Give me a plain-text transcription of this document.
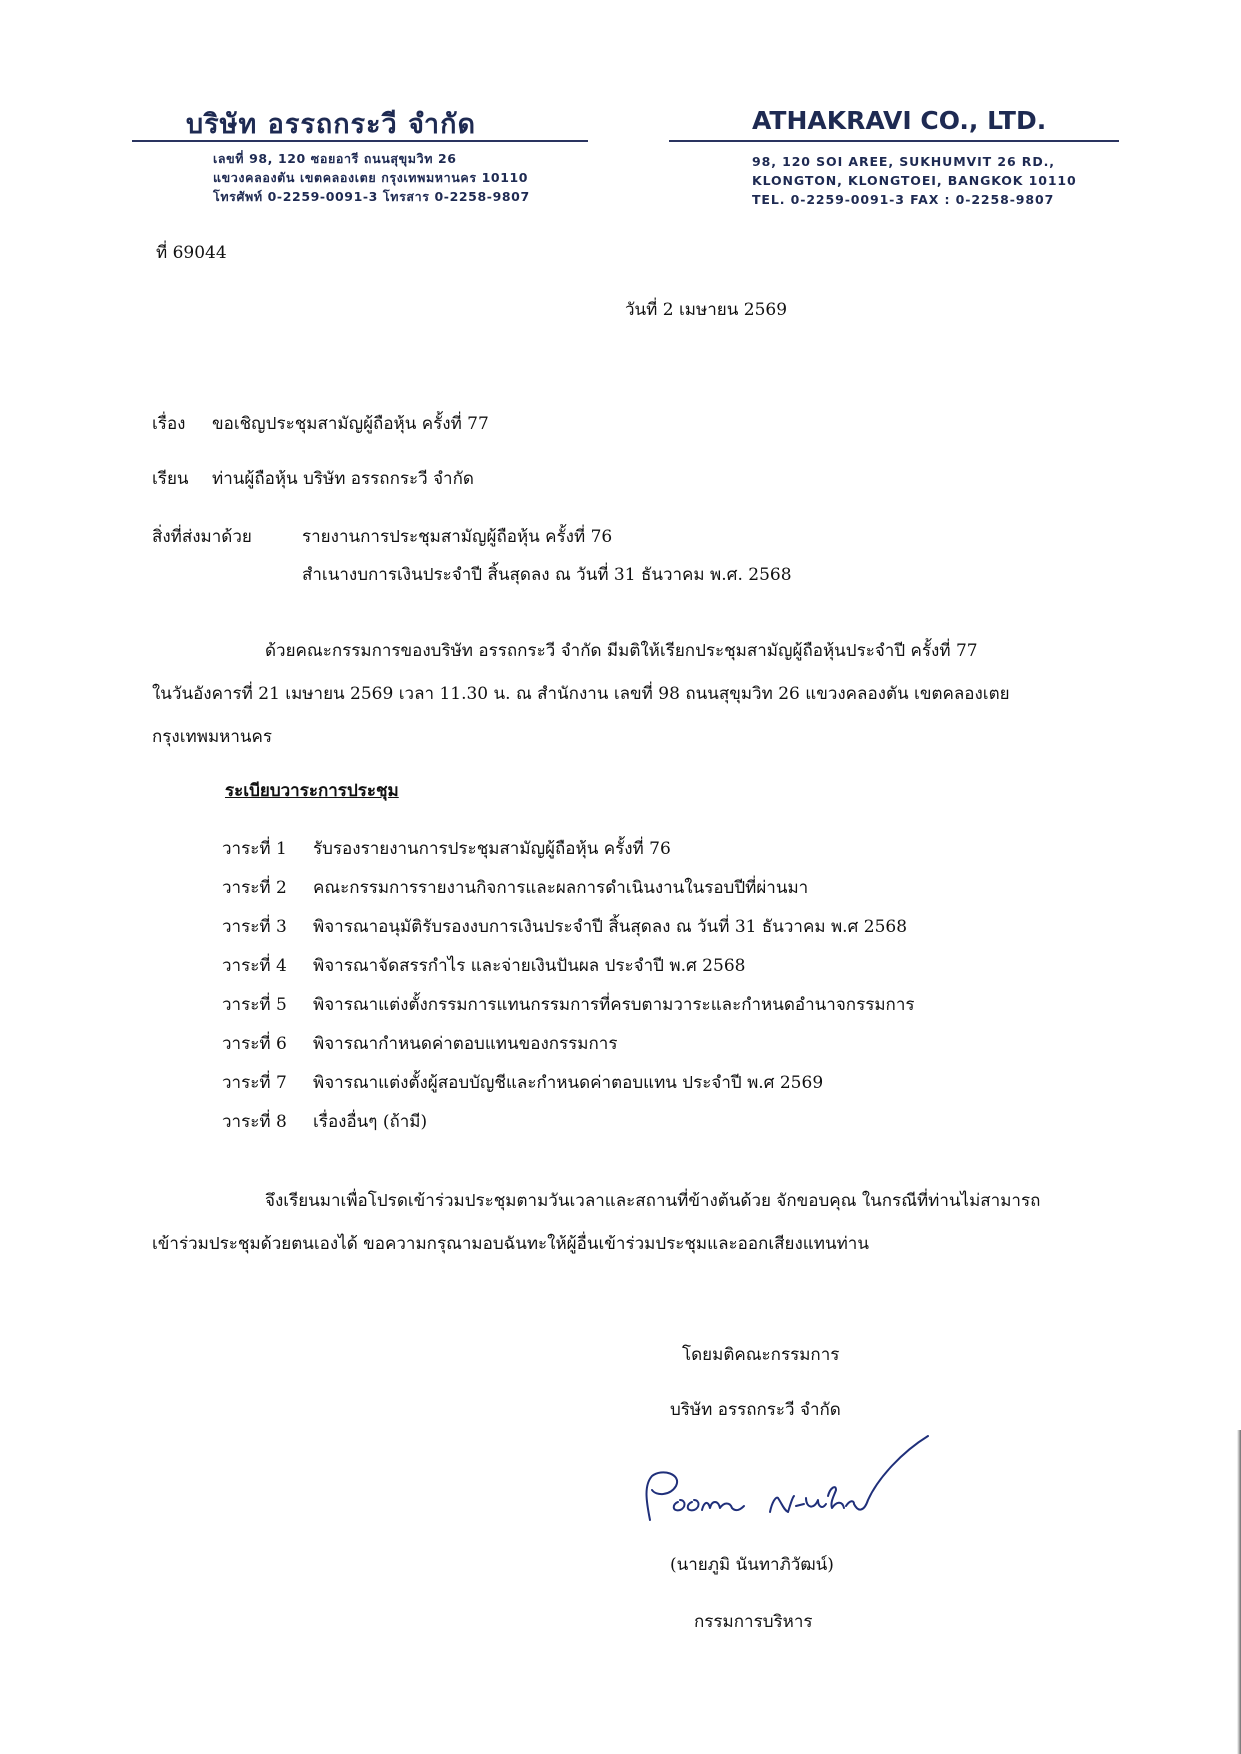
บริษัท อรรถกระวี จำกัด	ATHAKRAVI CO., LTD.
เลขที่ 98, 120 ซอยอารี ถนนสุขุมวิท 26
แขวงคลองตัน เขตคลองเตย กรุงเทพมหานคร 10110
โทรศัพท์ 0-2259-0091-3 โทรสาร 0-2258-9807
98, 120 SOI AREE, SUKHUMVIT 26 RD.,
KLONGTON, KLONGTOEI, BANGKOK 10110
TEL. 0-2259-0091-3 FAX : 0-2258-9807
ที่ 69044
วันที่ 2 เมษายน 2569
เรื่อง ขอเชิญประชุมสามัญผู้ถือหุ้น ครั้งที่ 77
เรียน ท่านผู้ถือหุ้น บริษัท อรรถกระวี จำกัด
สิ่งที่ส่งมาด้วย	รายงานการประชุมสามัญผู้ถือหุ้น ครั้งที่ 76
สำเนางบการเงินประจำปี สิ้นสุดลง ณ วันที่ 31 ธันวาคม พ.ศ. 2568
ด้วยคณะกรรมการของบริษัท อรรถกระวี จำกัด มีมติให้เรียกประชุมสามัญผู้ถือหุ้นประจำปี ครั้งที่ 77
ในวันอังคารที่ 21 เมษายน 2569 เวลา 11.30 น. ณ สำนักงาน เลขที่ 98 ถนนสุขุมวิท 26 แขวงคลองตัน เขตคลองเตย
กรุงเทพมหานคร
ระเบียบวาระการประชุม
วาระที่ 1 รับรองรายงานการประชุมสามัญผู้ถือหุ้น ครั้งที่ 76
วาระที่ 2 คณะกรรมการรายงานกิจการและผลการดำเนินงานในรอบปีที่ผ่านมา
วาระที่ 3 พิจารณาอนุมัติรับรองงบการเงินประจำปี สิ้นสุดลง ณ วันที่ 31 ธันวาคม พ.ศ 2568
วาระที่ 4 พิจารณาจัดสรรกำไร และจ่ายเงินปันผล ประจำปี พ.ศ 2568
วาระที่ 5 พิจารณาแต่งตั้งกรรมการแทนกรรมการที่ครบตามวาระและกำหนดอำนาจกรรมการ
วาระที่ 6 พิจารณากำหนดค่าตอบแทนของกรรมการ
วาระที่ 7 พิจารณาแต่งตั้งผู้สอบบัญชีและกำหนดค่าตอบแทน ประจำปี พ.ศ 2569
วาระที่ 8 เรื่องอื่นๆ (ถ้ามี)
จึงเรียนมาเพื่อโปรดเข้าร่วมประชุมตามวันเวลาและสถานที่ข้างต้นด้วย จักขอบคุณ ในกรณีที่ท่านไม่สามารถ
เข้าร่วมประชุมด้วยตนเองได้ ขอความกรุณามอบฉันทะให้ผู้อื่นเข้าร่วมประชุมและออกเสียงแทนท่าน
โดยมติคณะกรรมการ
บริษัท อรรถกระวี จำกัด
(นายภูมิ นันทาภิวัฒน์)
กรรมการบริหาร
